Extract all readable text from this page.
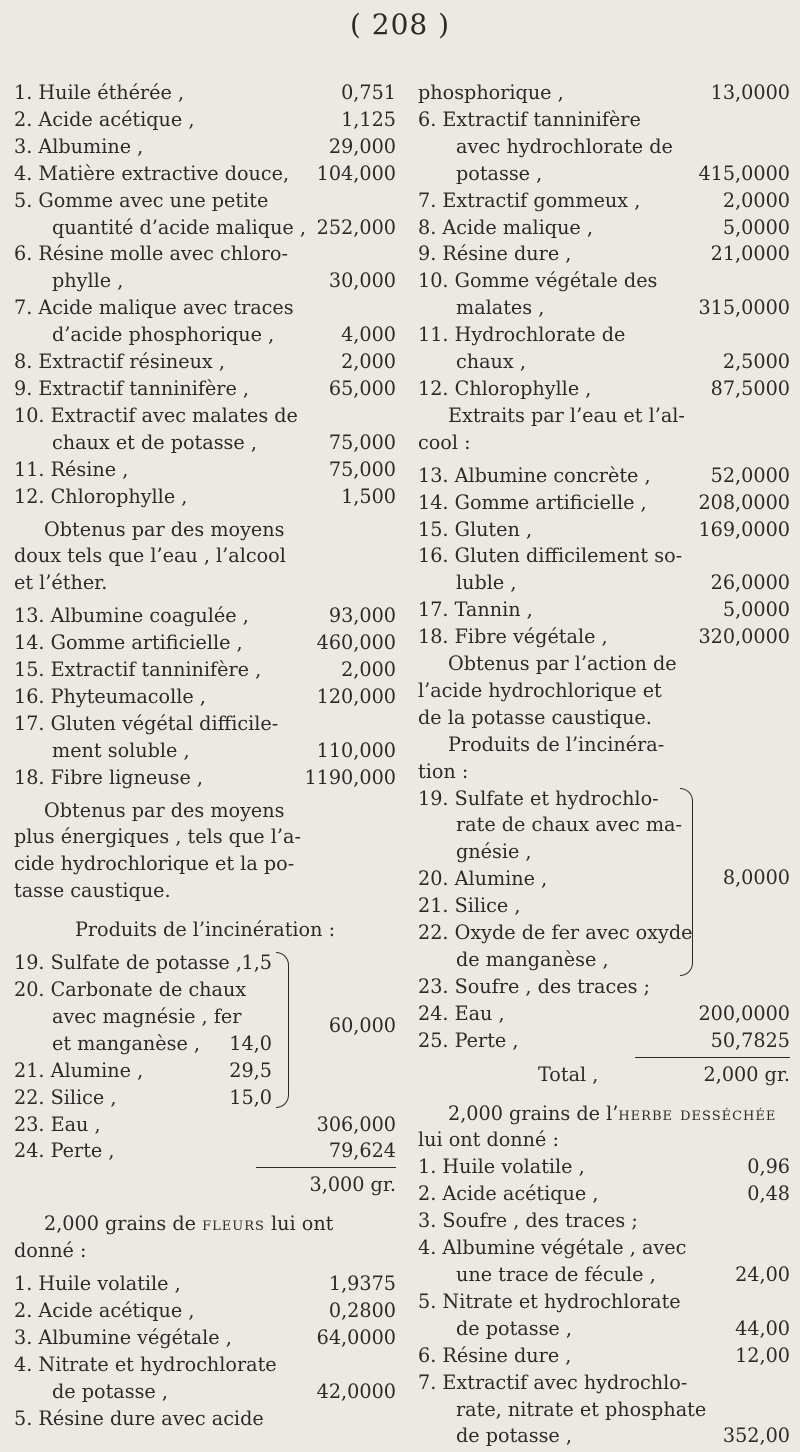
( 208 )
1. Huile éthérée ,	0,751
2. Acide acétique ,	1,125
3. Albumine ,	29,000
4. Matière extractive douce,	104,000
5. Gomme avec une petite
quantité d’acide malique , 252,000
6. Résine molle avec chloro-
phylle ,	30,000
7. Acide malique avec traces
d’acide phosphorique ,	4,000
8. Extractif résineux ,	2,000
9. Extractif tanninifère ,	65,000
10. Extractif avec malates de
chaux et de potasse ,	75,000
11. Résine ,	75,000
12. Chlorophylle ,	1,500
Obtenus par des moyens
doux tels que l’eau , l’alcool
et l’éther.
13. Albumine coagulée ,	93,000
14. Gomme artificielle ,	460,000
15. Extractif tanninifère ,	2,000
16. Phyteumacolle ,	120,000
17. Gluten végétal difficile-
ment soluble ,	110,000
18. Fibre ligneuse ,	1190,000
Obtenus par des moyens
plus énergiques , tels que l’a-
cide hydrochlorique et la po-
tasse caustique.
Produits de l’incinération :
19. Sulfate de potasse , 1,5
20. Carbonate de chaux
avec magnésie , fer
et manganèse ,	14,0
21. Alumine ,	29,5
22. Silice ,	15,0
60,000
23. Eau ,	306,000
24. Perte ,	79,624
3,000 gr.
2,000 grains de fleurs lui ont
donné :
1. Huile volatile ,	1,9375
2. Acide acétique ,	0,2800
3. Albumine végétale ,	64,0000
4. Nitrate et hydrochlorate
de potasse ,	42,0000
5. Résine dure avec acide
phosphorique ,	13,0000
6. Extractif tanninifère
avec hydrochlorate de
potasse ,	415,0000
7. Extractif gommeux ,	2,0000
8. Acide malique ,	5,0000
9. Résine dure ,	21,0000
10. Gomme végétale des
malates ,	315,0000
11. Hydrochlorate de
chaux ,	2,5000
12. Chlorophylle ,	87,5000
Extraits par l’eau et l’al-
cool :
13. Albumine concrète ,	52,0000
14. Gomme artificielle ,	208,0000
15. Gluten ,	169,0000
16. Gluten difficilement so-
luble ,	26,0000
17. Tannin ,	5,0000
18. Fibre végétale ,	320,0000
Obtenus par l’action de
l’acide hydrochlorique et
de la potasse caustique.
Produits de l’incinéra-
tion :
19. Sulfate et hydrochlo-
rate de chaux avec ma-
gnésie ,
20. Alumine ,
21. Silice ,
22. Oxyde de fer avec oxyde
de manganèse ,
8,0000
23. Soufre , des traces ;
24. Eau ,	200,0000
25. Perte ,	50,7825
Total ,	2,000 gr.
2,000 grains de l’herbe desséchée
lui ont donné :
1. Huile volatile ,	0,96
2. Acide acétique ,	0,48
3. Soufre , des traces ;
4. Albumine végétale , avec
une trace de fécule ,	24,00
5. Nitrate et hydrochlorate
de potasse ,	44,00
6. Résine dure ,	12,00
7. Extractif avec hydrochlo-
rate, nitrate et phosphate
de potasse ,	352,00
